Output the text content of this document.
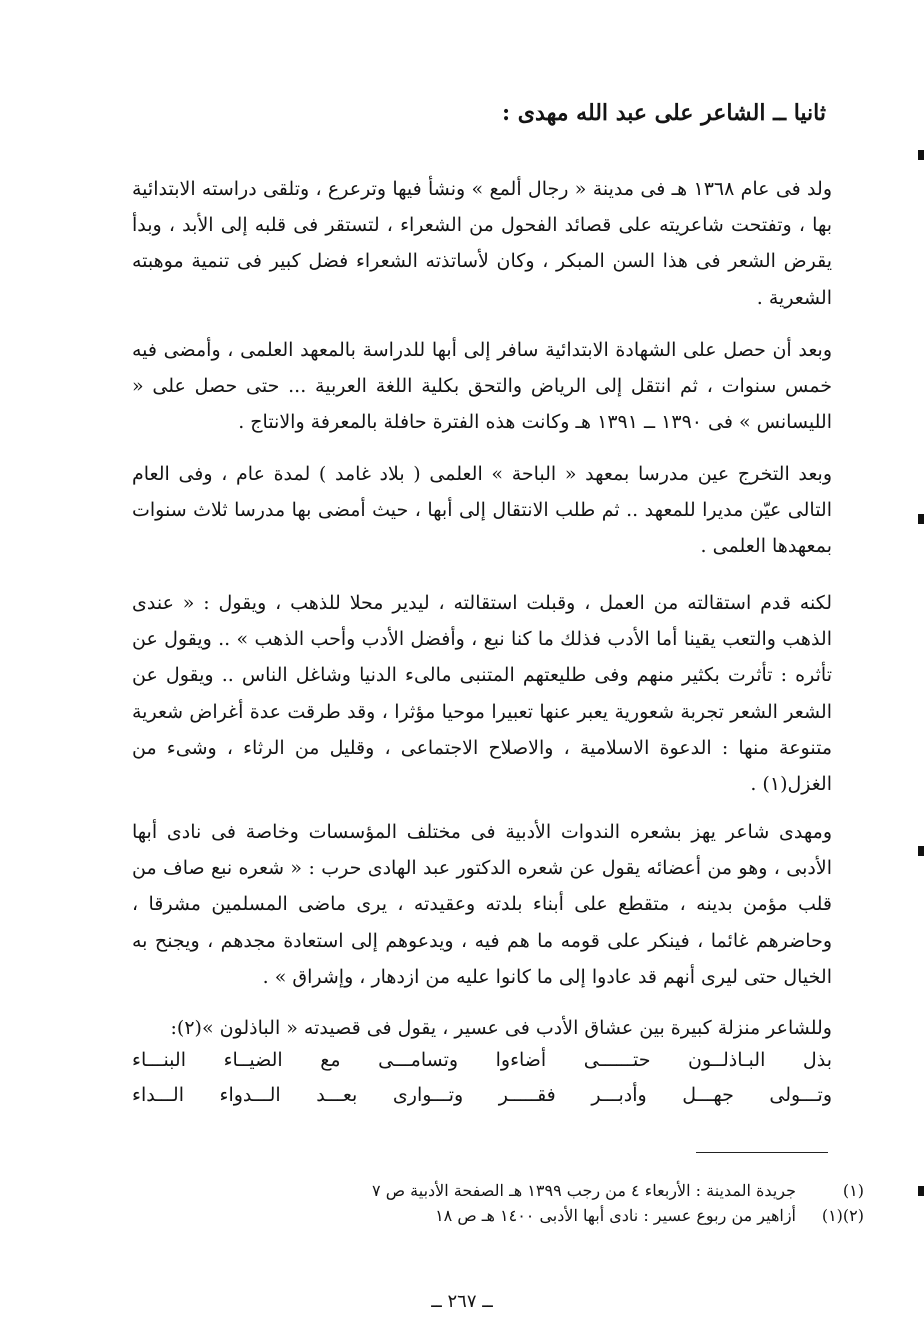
ثانيا ــ الشاعر على عبد الله مهدى :

ولد فى عام ١٣٦٨ هـ فى مدينة « رجال ألمع » ونشأ فيها وترعرع ، وتلقى دراسته الابتدائية بها ، وتفتحت شاعريته على قصائد الفحول من الشعراء ، لتستقر فى قلبه إلى الأبد ، وبدأ يقرض الشعر فى هذا السن المبكر ، وكان لأساتذته الشعراء فضل كبير فى تنمية موهبته الشعرية .

وبعد أن حصل على الشهادة الابتدائية سافر إلى أبها للدراسة بالمعهد العلمى ، وأمضى فيه خمس سنوات ، ثم انتقل إلى الرياض والتحق بكلية اللغة العربية ... حتى حصل على « الليسانس » فى ١٣٩٠ ــ ١٣٩١ هـ وكانت هذه الفترة حافلة بالمعرفة والانتاج .

وبعد التخرج عين مدرسا بمعهد « الباحة » العلمى ( بلاد غامد ) لمدة عام ، وفى العام التالى عيّن مديرا للمعهد .. ثم طلب الانتقال إلى أبها ، حيث أمضى بها مدرسا ثلاث سنوات بمعهدها العلمى .

لكنه قدم استقالته من العمل ، وقبلت استقالته ، ليدير محلا للذهب ، ويقول : « عندى الذهب والتعب يقينا أما الأدب فذلك ما كنا نبع ، وأفضل الأدب وأحب الذهب » .. ويقول عن تأثره : تأثرت بكثير منهم وفى طليعتهم المتنبى مالىء الدنيا وشاغل الناس .. ويقول عن الشعر الشعر تجربة شعورية يعبر عنها تعبيرا موحيا مؤثرا ، وقد طرقت عدة أغراض شعرية متنوعة منها : الدعوة الاسلامية ، والاصلاح الاجتماعى ، وقليل من الرثاء ، وشىء من الغزل(١) .

ومهدى شاعر يهز بشعره الندوات الأدبية فى مختلف المؤسسات وخاصة فى نادى أبها الأدبى ، وهو من أعضائه يقول عن شعره الدكتور عبد الهادى حرب : « شعره نبع صاف من قلب مؤمن بدينه ، متقطع على أبناء بلدته وعقيدته ، يرى ماضى المسلمين مشرقا ، وحاضرهم غائما ، فينكر على قومه ما هم فيه ، ويدعوهم إلى استعادة مجدهم ، ويجنح به الخيال حتى ليرى أنهم قد عادوا إلى ما كانوا عليه من ازدهار ، وإشراق » .

وللشاعر منزلة كبيرة بين عشاق الأدب فى عسير ، يقول فى قصيدته « الباذلون »(٢):

بذل
البـاذلــون
حتــــــى
أضاءوا
وتسامـــى
مع
الضيــاء
البنـــاء
وتـــولى
جهـــل
وأدبـــر
فقـــــر
وتـــوارى
بعـــد
الـــدواء
الـــداء
(١)جريدة المدينة : الأربعاء ٤ من رجب ١٣٩٩ هـ الصفحة الأدبية ص ٧
(٢)(١)أزاهير من ربوع عسير : نادى أبها الأدبى ١٤٠٠ هـ ص ١٨
ــ ٢٦٧ ــ
